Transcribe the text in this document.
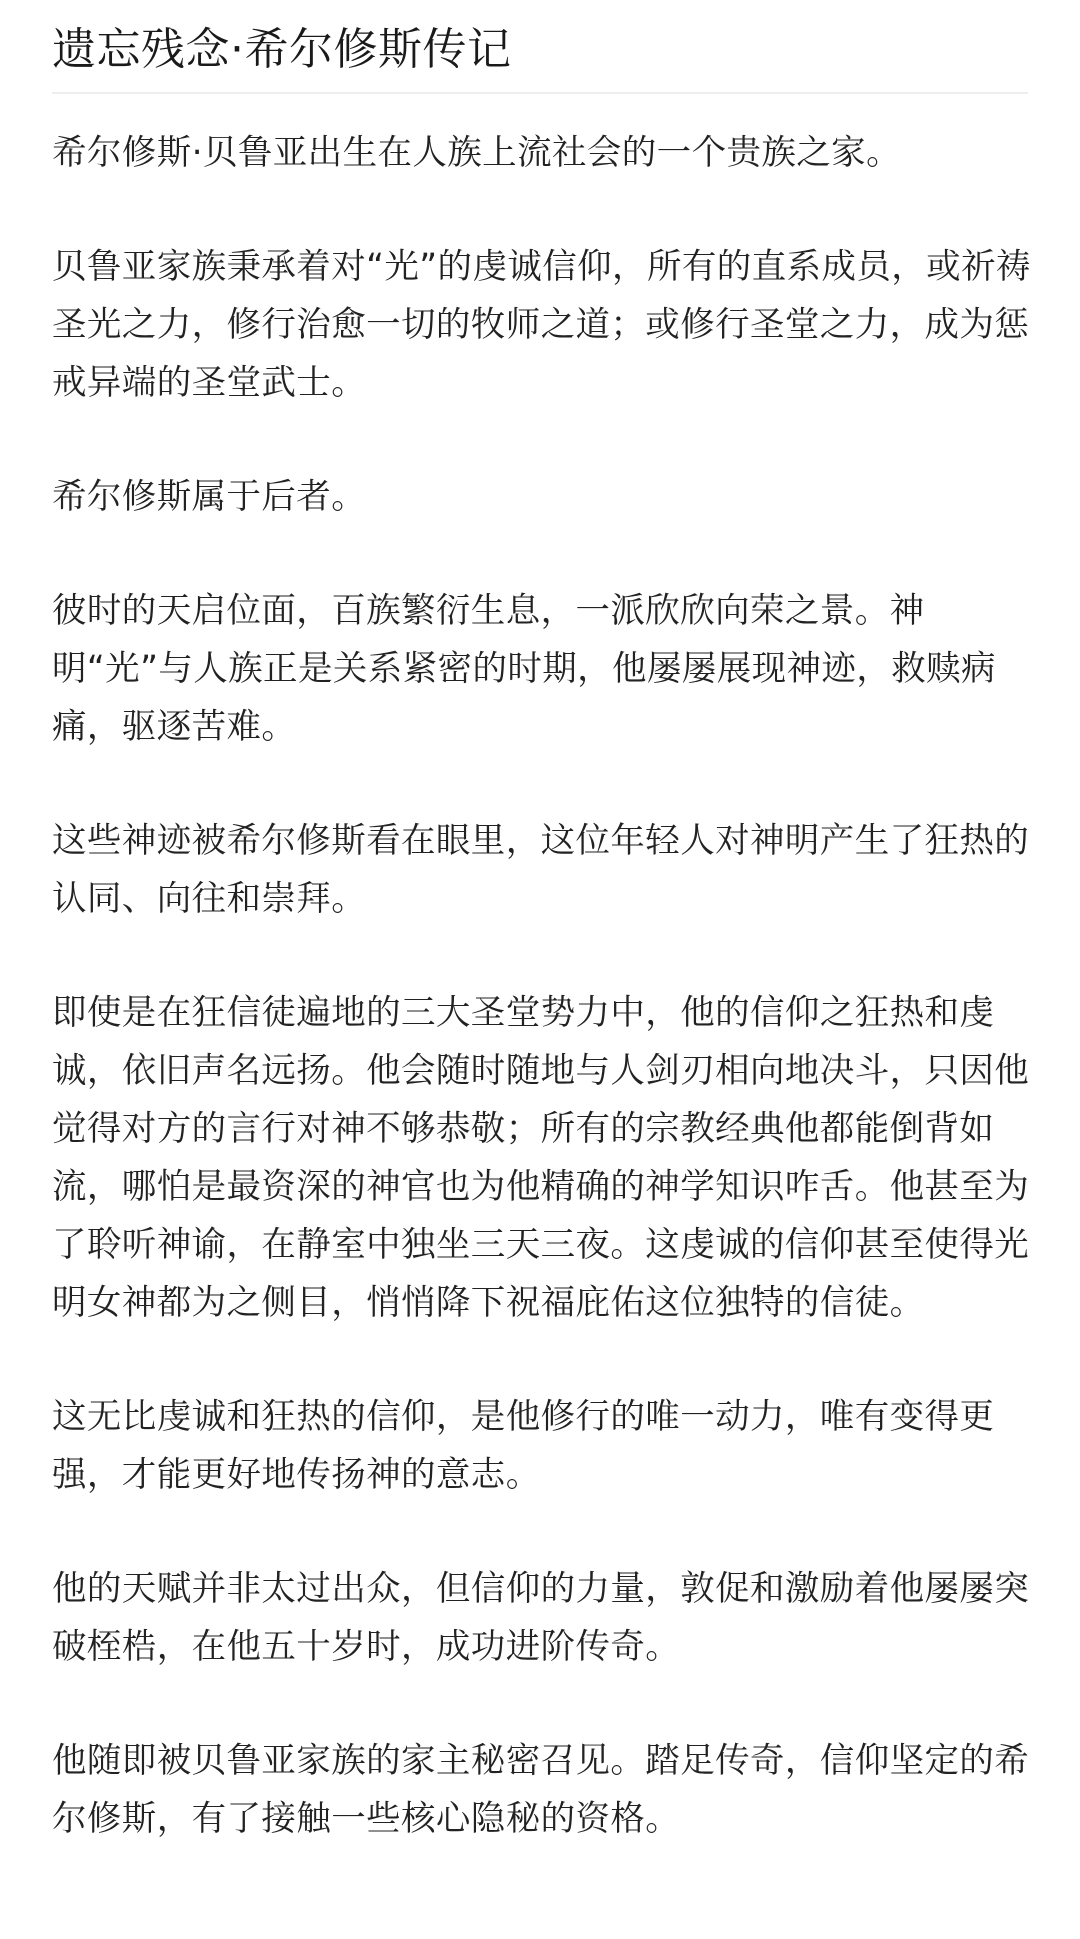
遗忘残念·希尔修斯传记

希尔修斯·贝鲁亚出生在人族上流社会的一个贵族之家。

贝鲁亚家族秉承着对“光”的虔诚信仰，所有的直系成员，或祈祷圣光之力，修行治愈一切的牧师之道；或修行圣堂之力，成为惩戒异端的圣堂武士。

希尔修斯属于后者。

彼时的天启位面，百族繁衍生息，一派欣欣向荣之景。神明“光”与人族正是关系紧密的时期，他屡屡展现神迹，救赎病痛，驱逐苦难。

这些神迹被希尔修斯看在眼里，这位年轻人对神明产生了狂热的认同、向往和崇拜。

即使是在狂信徒遍地的三大圣堂势力中，他的信仰之狂热和虔诚，依旧声名远扬。他会随时随地与人剑刃相向地决斗，只因他觉得对方的言行对神不够恭敬；所有的宗教经典他都能倒背如流，哪怕是最资深的神官也为他精确的神学知识咋舌。他甚至为了聆听神谕，在静室中独坐三天三夜。这虔诚的信仰甚至使得光明女神都为之侧目，悄悄降下祝福庇佑这位独特的信徒。

这无比虔诚和狂热的信仰，是他修行的唯一动力，唯有变得更强，才能更好地传扬神的意志。

他的天赋并非太过出众，但信仰的力量，敦促和激励着他屡屡突破桎梏，在他五十岁时，成功进阶传奇。

他随即被贝鲁亚家族的家主秘密召见。踏足传奇，信仰坚定的希尔修斯，有了接触一些核心隐秘的资格。
